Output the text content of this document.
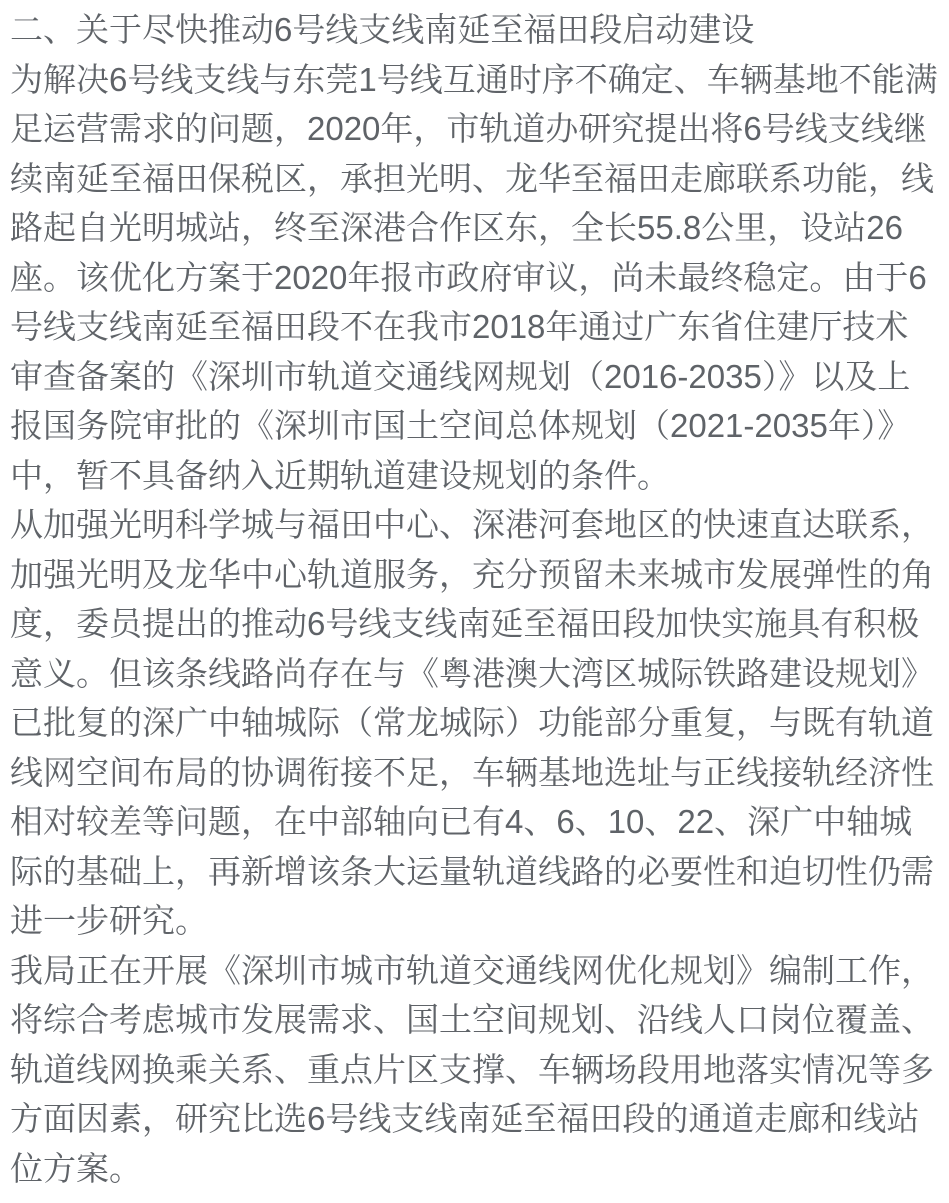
二、关于尽快推动6号线支线南延至福田段启动建设

为解决6号线支线与东莞1号线互通时序不确定、车辆基地不能满足运营需求的问题，2020年，市轨道办研究提出将6号线支线继续南延至福田保税区，承担光明、龙华至福田走廊联系功能，线路起自光明城站，终至深港合作区东，全长55.8公里，设站26座。该优化方案于2020年报市政府审议，尚未最终稳定。由于6号线支线南延至福田段不在我市2018年通过广东省住建厅技术审查备案的《深圳市轨道交通线网规划（2016-2035）》以及上报国务院审批的《深圳市国土空间总体规划（2021-2035年）》中，暂不具备纳入近期轨道建设规划的条件。

从加强光明科学城与福田中心、深港河套地区的快速直达联系，加强光明及龙华中心轨道服务，充分预留未来城市发展弹性的角度，委员提出的推动6号线支线南延至福田段加快实施具有积极意义。但该条线路尚存在与《粤港澳大湾区城际铁路建设规划》已批复的深广中轴城际（常龙城际）功能部分重复，与既有轨道线网空间布局的协调衔接不足，车辆基地选址与正线接轨经济性相对较差等问题，在中部轴向已有4、6、10、22、深广中轴城际的基础上，再新增该条大运量轨道线路的必要性和迫切性仍需进一步研究。

我局正在开展《深圳市城市轨道交通线网优化规划》编制工作，将综合考虑城市发展需求、国土空间规划、沿线人口岗位覆盖、轨道线网换乘关系、重点片区支撑、车辆场段用地落实情况等多方面因素，研究比选6号线支线南延至福田段的通道走廊和线站位方案。
